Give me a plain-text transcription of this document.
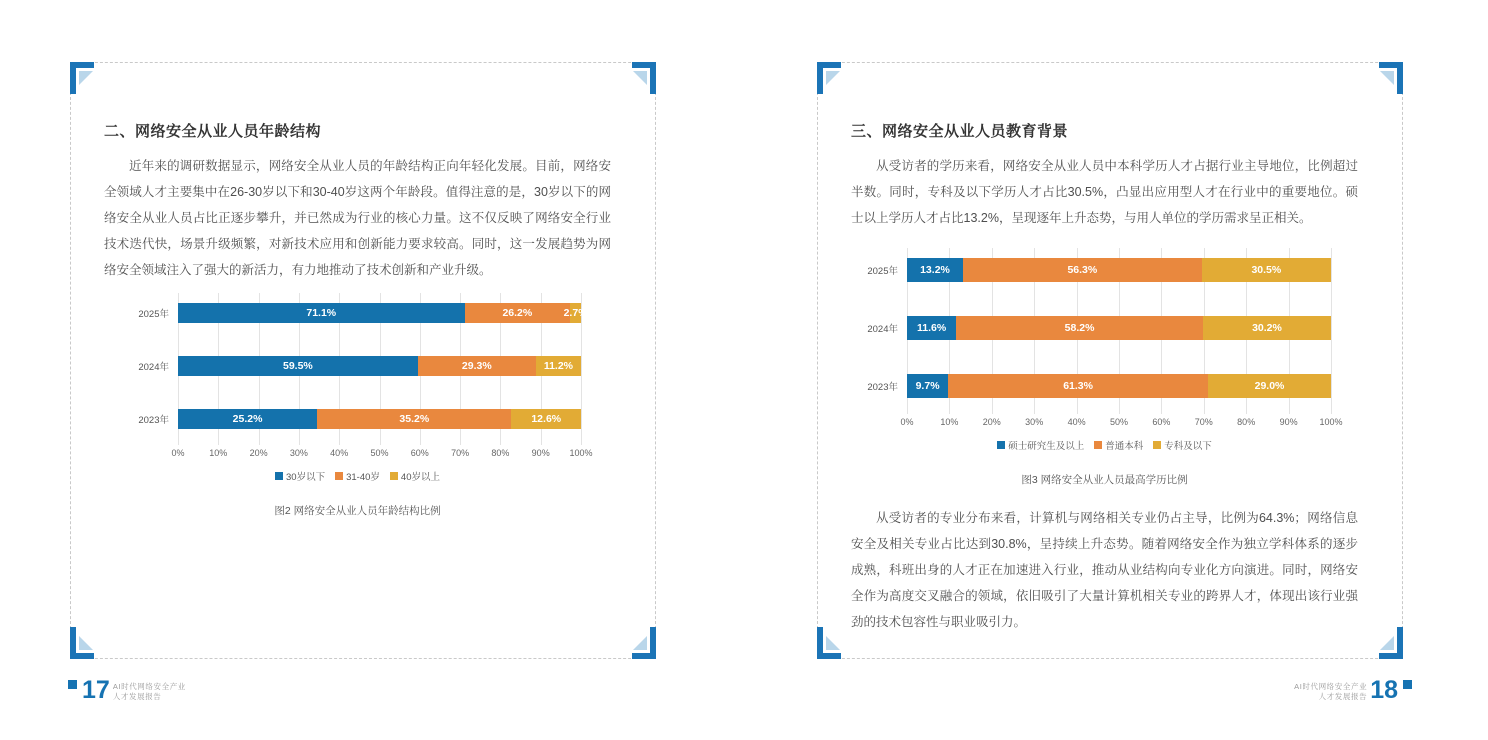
二、网络安全从业人员年龄结构

近年来的调研数据显示，网络安全从业人员的年龄结构正向年轻化发展。目前，网络安全领域人才主要集中在26-30岁以下和30-40岁这两个年龄段。值得注意的是，30岁以下的网络安全从业人员占比正逐步攀升，并已然成为行业的核心力量。这不仅反映了网络安全行业技术迭代快，场景升级频繁，对新技术应用和创新能力要求较高。同时，这一发展趋势为网络安全领域注入了强大的新活力，有力地推动了技术创新和产业升级。

2025年	71.1%	26.2%	2.7%
2024年	59.5%	29.3%	11.2%
2023年	25.2%	35.2%	12.6%
0%	10% 20% 30% 40% 50% 60% 70% 80% 90% 100%
30岁以下 31-40岁 40岁以上
图2 网络安全从业人员年龄结构比例
三、网络安全从业人员教育背景

从受访者的学历来看，网络安全从业人员中本科学历人才占据行业主导地位，比例超过半数。同时，专科及以下学历人才占比30.5%，凸显出应用型人才在行业中的重要地位。硕士以上学历人才占比13.2%，呈现逐年上升态势，与用人单位的学历需求呈正相关。

2025年	13.2%	56.3%	30.5%
2024年	11.6%	58.2%	30.2%
2023年	9.7%	61.3%	29.0%
0%	10%	20%	30%	40%	50%	60%	70%	80%	90% 100%
硕士研究生及以上 普通本科 专科及以下
图3 网络安全从业人员最高学历比例

从受访者的专业分布来看，计算机与网络相关专业仍占主导，比例为64.3%；网络信息安全及相关专业占比达到30.8%，呈持续上升态势。随着网络安全作为独立学科体系的逐步成熟，科班出身的人才正在加速进入行业，推动从业结构向专业化方向演进。同时，网络安全作为高度交叉融合的领域，依旧吸引了大量计算机相关专业的跨界人才，体现出该行业强劲的技术包容性与职业吸引力。

17 AI时代网络安全产业
人才发展报告
AI时代网络安全产业
人才发展报告 18
